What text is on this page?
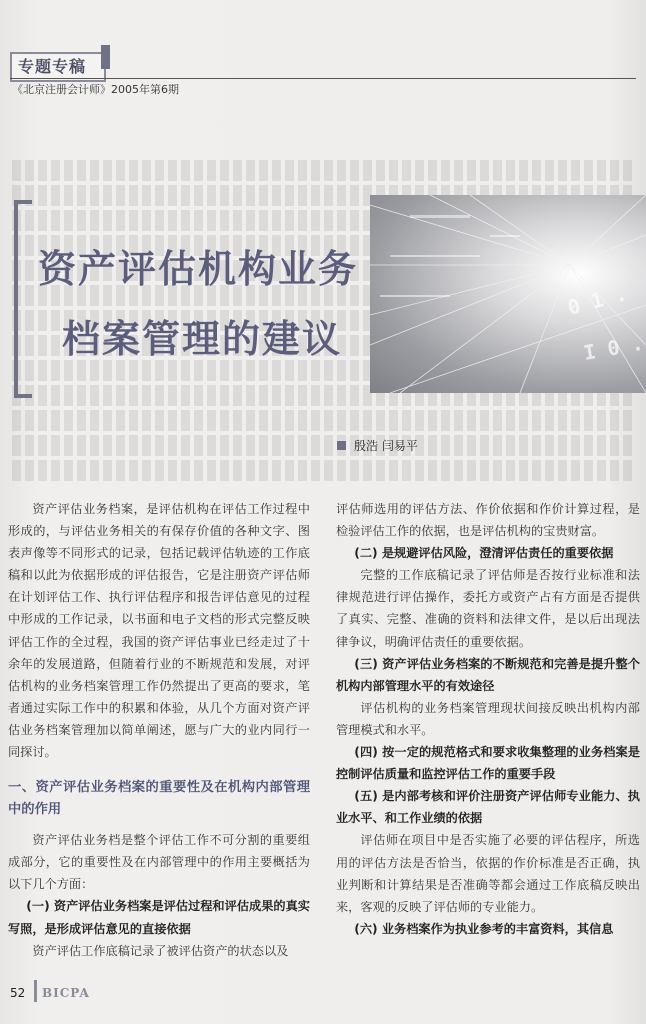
专题专稿
《北京注册会计师》2005年第6期
0 1 .
I 0 .
资产评估机构业务
档案管理的建议
殷浩 闫易平

资产评估业务档案，是评估机构在评估工作过程中形成的，与评估业务相关的有保存价值的各种文字、图表声像等不同形式的记录，包括记载评估轨迹的工作底稿和以此为依据形成的评估报告，它是注册资产评估师在计划评估工作、执行评估程序和报告评估意见的过程中形成的工作记录，以书面和电子文档的形式完整反映评估工作的全过程，我国的资产评估事业已经走过了十余年的发展道路，但随着行业的不断规范和发展，对评估机构的业务档案管理工作仍然提出了更高的要求，笔者通过实际工作中的积累和体验，从几个方面对资产评估业务档案管理加以简单阐述，愿与广大的业内同行一同探讨。

一、资产评估业务档案的重要性及在机构内部管理中的作用

资产评估业务档是整个评估工作不可分割的重要组成部分，它的重要性及在内部管理中的作用主要概括为以下几个方面：

(一) 资产评估业务档案是评估过程和评估成果的真实写照，是形成评估意见的直接依据

资产评估工作底稿记录了被评估资产的状态以及

评估师选用的评估方法、作价依据和作价计算过程，是检验评估工作的依据，也是评估机构的宝贵财富。

(二) 是规避评估风险，澄清评估责任的重要依据

完整的工作底稿记录了评估师是否按行业标准和法律规范进行评估操作，委托方或资产占有方面是否提供了真实、完整、准确的资料和法律文件，是以后出现法律争议，明确评估责任的重要依据。

(三) 资产评估业务档案的不断规范和完善是提升整个机构内部管理水平的有效途径

评估机构的业务档案管理现状间接反映出机构内部管理模式和水平。

(四) 按一定的规范格式和要求收集整理的业务档案是控制评估质量和监控评估工作的重要手段

(五) 是内部考核和评价注册资产评估师专业能力、执业水平、和工作业绩的依据

评估师在项目中是否实施了必要的评估程序，所选用的评估方法是否恰当，依据的作价标准是否正确，执业判断和计算结果是否准确等都会通过工作底稿反映出来，客观的反映了评估师的专业能力。

(六) 业务档案作为执业参考的丰富资料，其信息

52 BICPA
